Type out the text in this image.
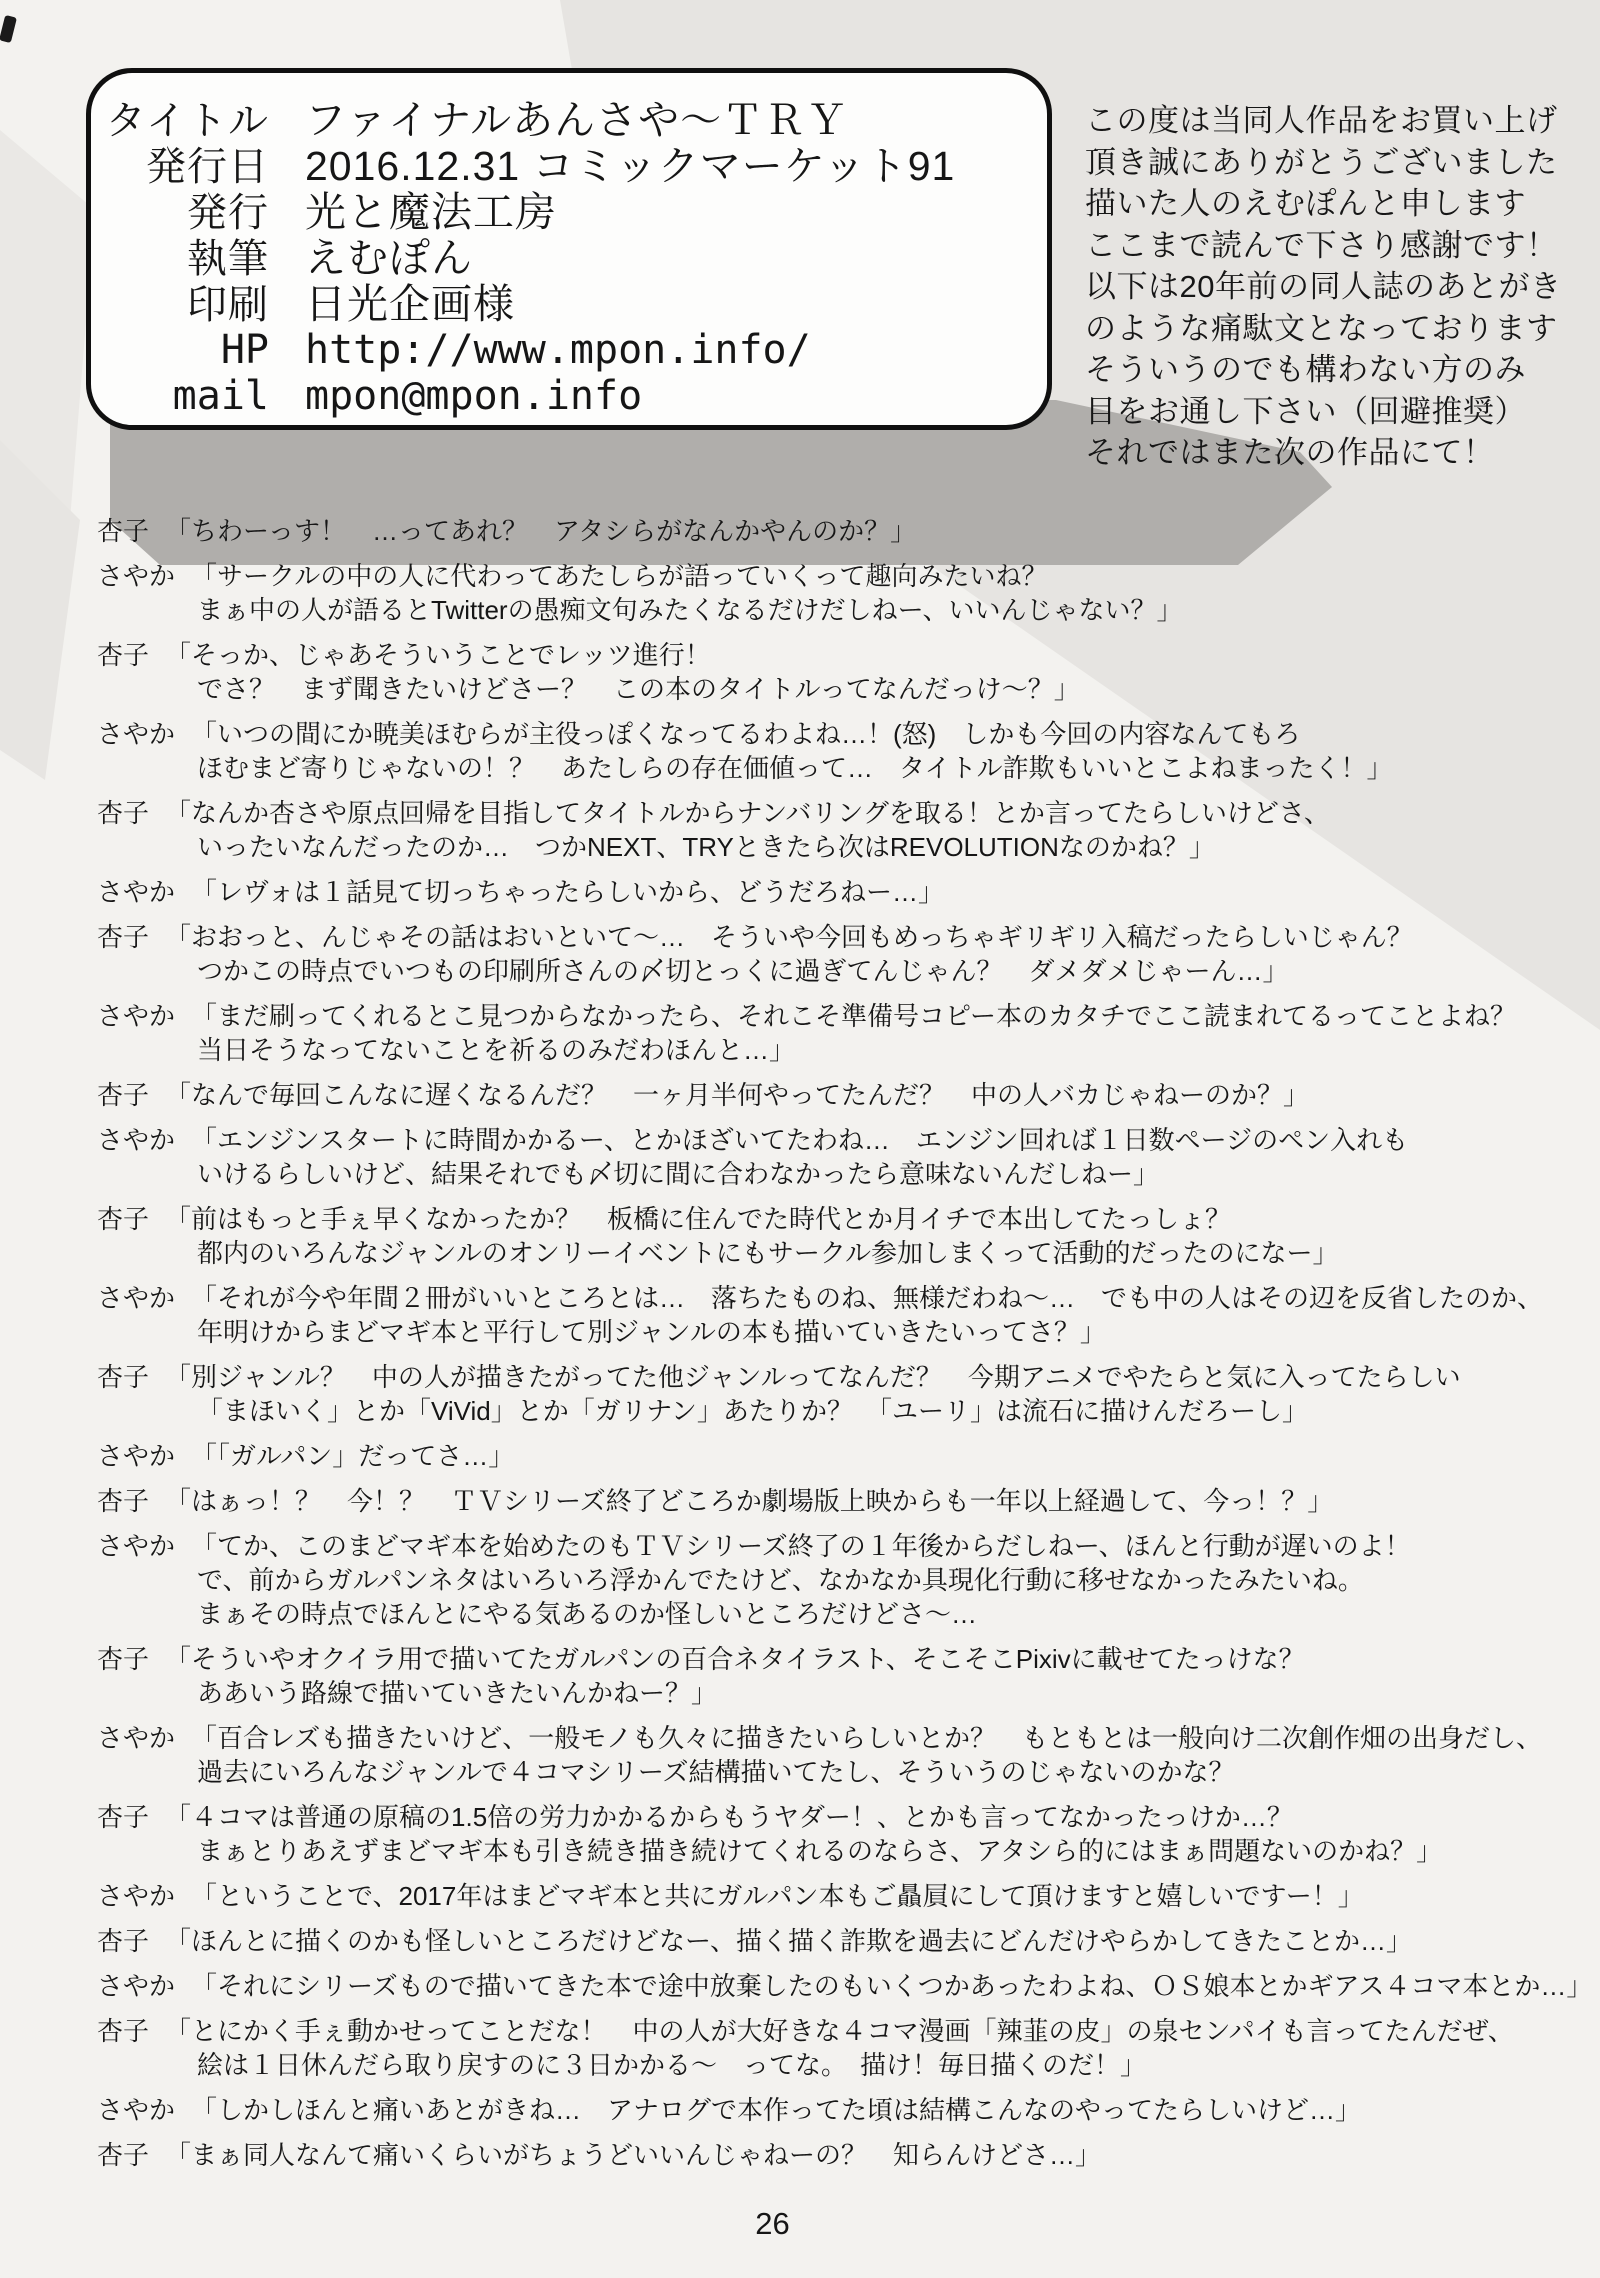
タイトル ファイナルあんさや～ＴＲＹ
発行日 2016.12.31 コミックマーケット91
発行 光と魔法工房
執筆 えむぽん
印刷 日光企画様
HP http://www.mpon.info/
mail mpon@mpon.info
この度は当同人作品をお買い上げ
頂き誠にありがとうございました
描いた人のえむぽんと申します
ここまで読んで下さり感謝です！
以下は20年前の同人誌のあとがき
のような痛駄文となっております
そういうのでも構わない方のみ
目をお通し下さい（回避推奨）
それではまた次の作品にて！
杏子 「ちわーっす！　…ってあれ？　アタシらがなんかやんのか？」
さやか 「サークルの中の人に代わってあたしらが語っていくって趣向みたいね？
まぁ中の人が語るとTwitterの愚痴文句みたくなるだけだしねー、いいんじゃない？」
杏子 「そっか、じゃあそういうことでレッツ進行！
でさ？　まず聞きたいけどさー？　この本のタイトルってなんだっけ～？」
さやか 「いつの間にか暁美ほむらが主役っぽくなってるわよね…！(怒)　しかも今回の内容なんてもろ
ほむまど寄りじゃないの！？　あたしらの存在価値って…　タイトル詐欺もいいとこよねまったく！」
杏子 「なんか杏さや原点回帰を目指してタイトルからナンバリングを取る！とか言ってたらしいけどさ、
いったいなんだったのか…　つかNEXT、TRYときたら次はREVOLUTIONなのかね？」
さやか 「レヴォは１話見て切っちゃったらしいから、どうだろねー…」
杏子 「おおっと、んじゃその話はおいといて～…　そういや今回もめっちゃギリギリ入稿だったらしいじゃん？
つかこの時点でいつもの印刷所さんの〆切とっくに過ぎてんじゃん？　ダメダメじゃーん…」
さやか 「まだ刷ってくれるとこ見つからなかったら、それこそ準備号コピー本のカタチでここ読まれてるってことよね？
当日そうなってないことを祈るのみだわほんと…」
杏子 「なんで毎回こんなに遅くなるんだ？　一ヶ月半何やってたんだ？　中の人バカじゃねーのか？」
さやか 「エンジンスタートに時間かかるー、とかほざいてたわね…　エンジン回れば１日数ページのペン入れも
いけるらしいけど、結果それでも〆切に間に合わなかったら意味ないんだしねー」
杏子 「前はもっと手ぇ早くなかったか？　板橋に住んでた時代とか月イチで本出してたっしょ？
都内のいろんなジャンルのオンリーイベントにもサークル参加しまくって活動的だったのになー」
さやか 「それが今や年間２冊がいいところとは…　落ちたものね、無様だわね～…　でも中の人はその辺を反省したのか、
年明けからまどマギ本と平行して別ジャンルの本も描いていきたいってさ？」
杏子 「別ジャンル？　中の人が描きたがってた他ジャンルってなんだ？　今期アニメでやたらと気に入ってたらしい
「まほいく」とか「ViVid」とか「ガリナン」あたりか？　「ユーリ」は流石に描けんだろーし」
さやか 「「ガルパン」だってさ…」
杏子 「はぁっ！？　今！？　ＴＶシリーズ終了どころか劇場版上映からも一年以上経過して、今っ！？」
さやか 「てか、このまどマギ本を始めたのもＴＶシリーズ終了の１年後からだしねー、ほんと行動が遅いのよ！
で、前からガルパンネタはいろいろ浮かんでたけど、なかなか具現化行動に移せなかったみたいね。
まぁその時点でほんとにやる気あるのか怪しいところだけどさ～…
杏子 「そういやオクイラ用で描いてたガルパンの百合ネタイラスト、そこそこPixivに載せてたっけな？
ああいう路線で描いていきたいんかねー？」
さやか 「百合レズも描きたいけど、一般モノも久々に描きたいらしいとか？　もともとは一般向け二次創作畑の出身だし、
過去にいろんなジャンルで４コマシリーズ結構描いてたし、そういうのじゃないのかな？
杏子 「４コマは普通の原稿の1.5倍の労力かかるからもうヤダー！、とかも言ってなかったっけか…？
まぁとりあえずまどマギ本も引き続き描き続けてくれるのならさ、アタシら的にはまぁ問題ないのかね？」
さやか 「ということで、2017年はまどマギ本と共にガルパン本もご贔屓にして頂けますと嬉しいですー！」
杏子 「ほんとに描くのかも怪しいところだけどなー、描く描く詐欺を過去にどんだけやらかしてきたことか…」
さやか 「それにシリーズもので描いてきた本で途中放棄したのもいくつかあったわよね、ＯＳ娘本とかギアス４コマ本とか…」
杏子 「とにかく手ぇ動かせってことだな！　中の人が大好きな４コマ漫画「辣韮の皮」の泉センパイも言ってたんだぜ、
絵は１日休んだら取り戻すのに３日かかる～　ってな。　描け！毎日描くのだ！」
さやか 「しかしほんと痛いあとがきね…　アナログで本作ってた頃は結構こんなのやってたらしいけど…」
杏子 「まぁ同人なんて痛いくらいがちょうどいいんじゃねーの？　知らんけどさ…」
26
